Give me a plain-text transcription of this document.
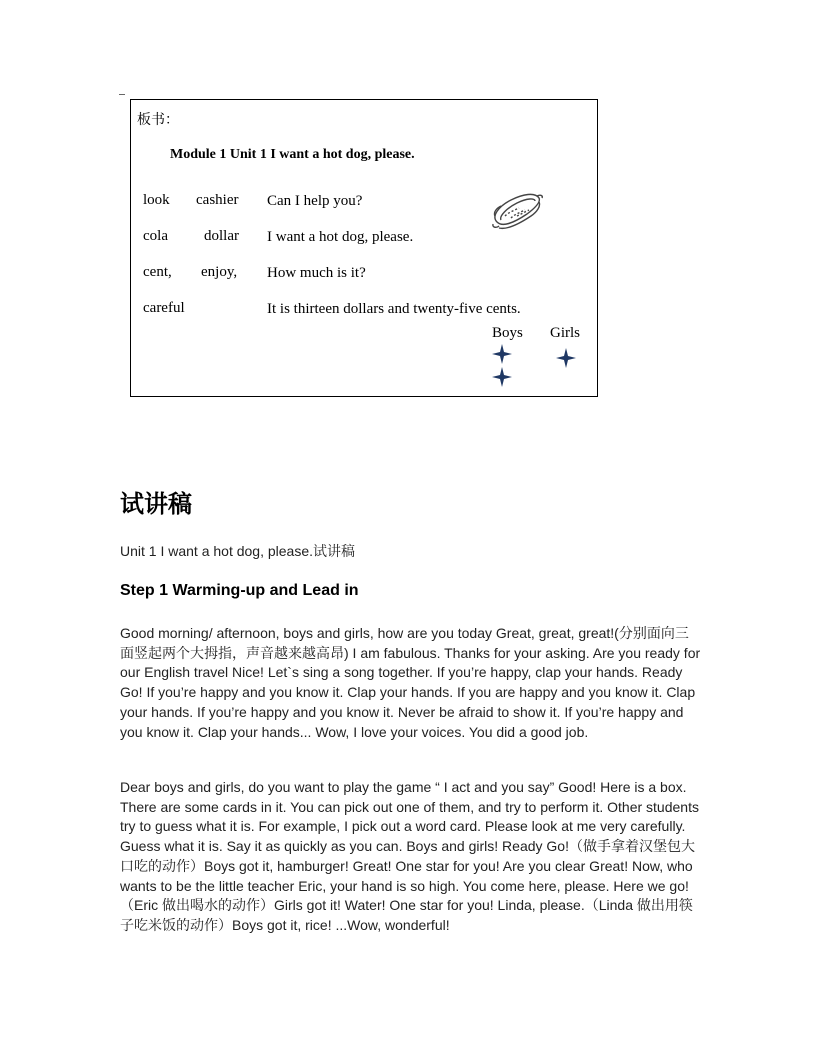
板书：
Module 1 Unit 1 I want a hot dog, please.
look cashier
cola dollar
cent, enjoy,
careful
Can I help you?
I want a hot dog, please.
How much is it?
It is thirteen dollars and twenty-five cents.
Boys Girls
试讲稿
Unit 1 I want a hot dog, please.试讲稿
Step 1 Warming-up and Lead in

Good morning/ afternoon, boys and girls, how are you today Great, great, great!(分别面向三面竖起两个大拇指，声音越来越高昂) I am fabulous. Thanks for your asking. Are you ready for our English travel Nice! Let`s sing a song together. If you’re happy, clap your hands. Ready Go! If you’re happy and you know it. Clap your hands. If you are happy and you know it. Clap your hands. If you’re happy and you know it. Never be afraid to show it. If you’re happy and you know it. Clap your hands... Wow, I love your voices. You did a good job.

Dear boys and girls, do you want to play the game “ I act and you say” Good! Here is a box. There are some cards in it. You can pick out one of them, and try to perform it. Other students try to guess what it is. For example, I pick out a word card. Please look at me very carefully. Guess what it is. Say it as quickly as you can. Boys and girls! Ready Go!（做手拿着汉堡包大口吃的动作）Boys got it, hamburger! Great! One star for you! Are you clear Great! Now, who wants to be the little teacher Eric, your hand is so high. You come here, please. Here we go!（Eric 做出喝水的动作）Girls got it! Water! One star for you! Linda, please.（Linda 做出用筷子吃米饭的动作）Boys got it, rice! ...Wow, wonderful!
